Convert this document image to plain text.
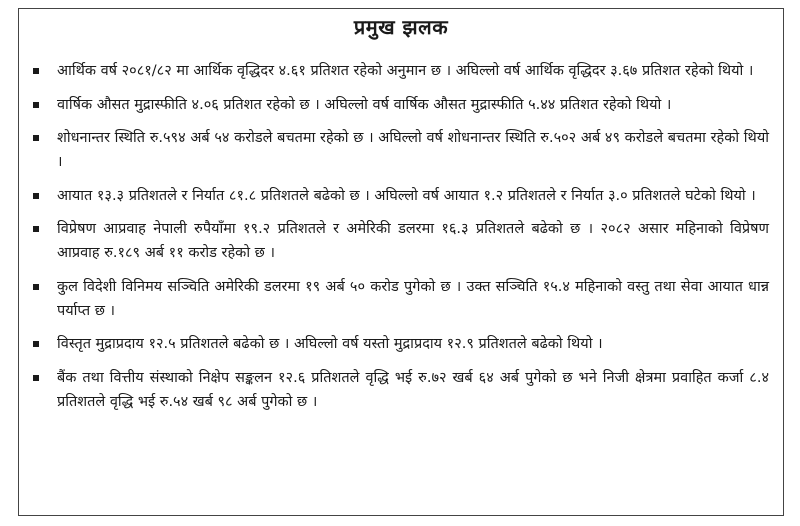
प्रमुख झलक
आर्थिक वर्ष २०८१/८२ मा आर्थिक वृद्धिदर ४.६१ प्रतिशत रहेको अनुमान छ । अघिल्लो वर्ष आर्थिक वृद्धिदर ३.६७ प्रतिशत रहेको थियो ।
वार्षिक औसत मुद्रास्फीति ४.०६ प्रतिशत रहेको छ । अघिल्लो वर्ष वार्षिक औसत मुद्रास्फीति ५.४४ प्रतिशत रहेको थियो ।
शोधनान्तर स्थिति रु.५९४ अर्ब ५४ करोडले बचतमा रहेको छ । अघिल्लो वर्ष शोधनान्तर स्थिति रु.५०२ अर्ब ४९ करोडले बचतमा रहेको थियो ।
आयात १३.३ प्रतिशतले र निर्यात ८१.८ प्रतिशतले बढेको छ । अघिल्लो वर्ष आयात १.२ प्रतिशतले र निर्यात ३.० प्रतिशतले घटेको थियो ।
विप्रेषण आप्रवाह नेपाली रुपैयाँमा १९.२ प्रतिशतले र अमेरिकी डलरमा १६.३ प्रतिशतले बढेको छ । २०८२ असार महिनाको विप्रेषण आप्रवाह रु.१८९ अर्ब ११ करोड रहेको छ ।
कुल विदेशी विनिमय सञ्चिति अमेरिकी डलरमा १९ अर्ब ५० करोड पुगेको छ । उक्त सञ्चिति १५.४ महिनाको वस्तु तथा सेवा आयात धान्न पर्याप्त छ ।
विस्तृत मुद्राप्रदाय १२.५ प्रतिशतले बढेको छ । अघिल्लो वर्ष यस्तो मुद्राप्रदाय १२.९ प्रतिशतले बढेको थियो ।
बैंक तथा वित्तीय संस्थाको निक्षेप सङ्कलन १२.६ प्रतिशतले वृद्धि भई रु.७२ खर्ब ६४ अर्ब पुगेको छ भने निजी क्षेत्रमा प्रवाहित कर्जा ८.४ प्रतिशतले वृद्धि भई रु.५४ खर्ब ९८ अर्ब पुगेको छ ।
